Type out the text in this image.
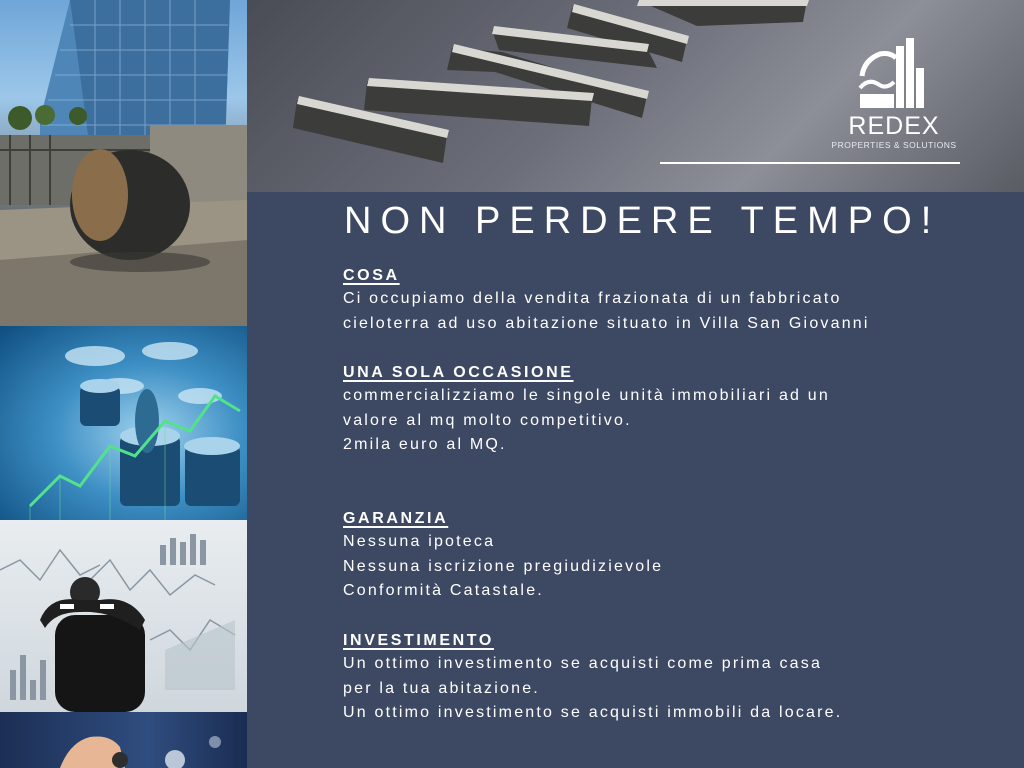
REDEX
PROPERTIES & SOLUTIONS
NON PERDERE TEMPO!
COSA
Ci occupiamo della vendita frazionata di un fabbricato
cieloterra ad uso abitazione situato in Villa San Giovanni
UNA SOLA OCCASIONE
commercializziamo le singole unità immobiliari ad un
valore al mq molto competitivo.
2mila euro al MQ.
GARANZIA
Nessuna ipoteca
Nessuna iscrizione pregiudizievole
Conformità Catastale.
INVESTIMENTO
Un ottimo investimento se acquisti come prima casa
per la tua abitazione.
Un ottimo investimento se acquisti immobili da locare.
